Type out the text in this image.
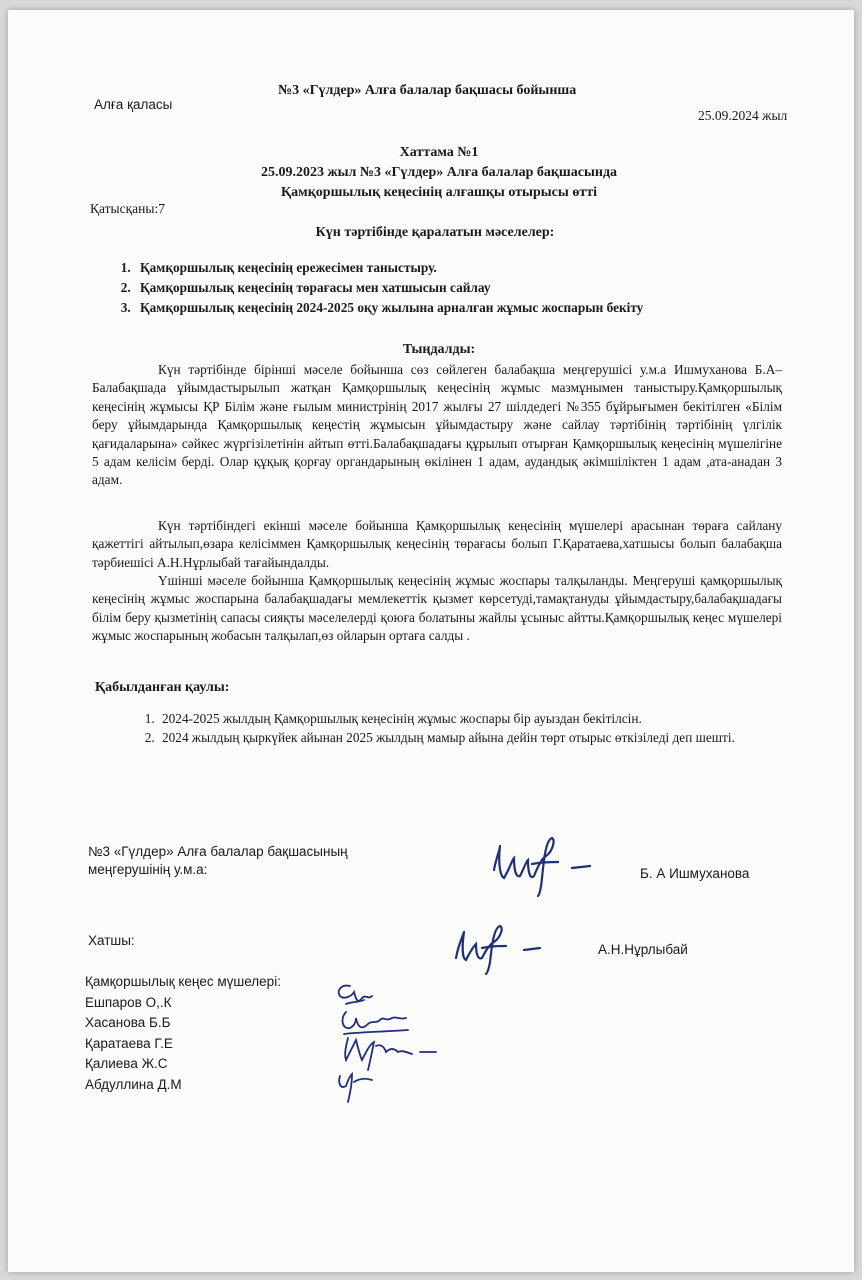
№3 «Гүлдер» Алға балалар бақшасы бойынша
Алға қаласы
25.09.2024 жыл
Хаттама №1
25.09.2023 жыл №3 «Гүлдер» Алға балалар бақшасында
Қамқоршылық кеңесінің алғашқы отырысы өтті
Қатысқаны:7
Күн тәртібінде қаралатын мәселелер:
1. Қамқоршылық кеңесінің ережесімен таныстыру.
2. Қамқоршылық кеңесінің төрағасы мен хатшысын сайлау
3. Қамқоршылық кеңесінің 2024-2025 оқу жылына арналған жұмыс жоспарын бекіту
Тыңдалды:
Күн тәртібінде бірінші мәселе бойынша сөз сөйлеген балабақша меңгерушісі у.м.а Ишмуханова Б.А–Балабақшада ұйымдастырылып жатқан Қамқоршылық кеңесінің жұмыс мазмұнымен таныстыру.Қамқоршылық кеңесінің жұмысы ҚР Білім және ғылым министрінің 2017 жылғы 27 шілдедегі №355 бұйрығымен бекітілген «Білім беру ұйымдарында Қамқоршылық кеңестің жұмысын ұйымдастыру және сайлау тәртібінің тәртібінің үлгілік қағидаларына» сәйкес жүргізілетінін айтып өтті.Балабақшадағы құрылып отырған Қамқоршылық кеңесінің мүшелігіне 5 адам келісім берді. Олар құқық қорғау органдарының өкілінен 1 адам, аудандық әкімшіліктен 1 адам ,ата-анадан 3 адам.
Күн тәртібіндегі екінші мәселе бойынша Қамқоршылық кеңесінің мүшелері арасынан төраға сайлану қажеттігі айтылып,өзара келісіммен Қамқоршылық кеңесінің төрағасы болып Г.Қаратаева,хатшысы болып балабақша тәрбиешісі А.Н.Нұрлыбай тағайындалды.
Үшінші мәселе бойынша Қамқоршылық кеңесінің жұмыс жоспары талқыланды. Меңгеруші қамқоршылық кеңесінің жұмыс жоспарына балабақшадағы мемлекеттік қызмет көрсетуді,тамақтануды ұйымдастыру,балабақшадағы білім беру қызметінің сапасы сияқты мәселелерді қоюға болатыны жайлы ұсыныс айтты.Қамқоршылық кеңес мүшелері жұмыс жоспарының жобасын талқылап,өз ойларын ортаға салды .
Қабылданған қаулы:
1. 2024-2025 жылдың Қамқоршылық кеңесінің жұмыс жоспары бір ауыздан бекітілсін.
2. 2024 жылдың қыркүйек айынан 2025 жылдың мамыр айына дейін төрт отырыс өткізіледі деп шешті.
№3 «Гүлдер» Алға балалар бақшасының
меңгерушінің у.м.а:	Б. А Ишмуханова
Хатшы:
А.Н.Нұрлыбай
Қамқоршылық кеңес мүшелері:
Ешпаров О,.К
Хасанова Б.Б
Қаратаева Г.Е
Қалиева Ж.С
Абдуллина Д.М
